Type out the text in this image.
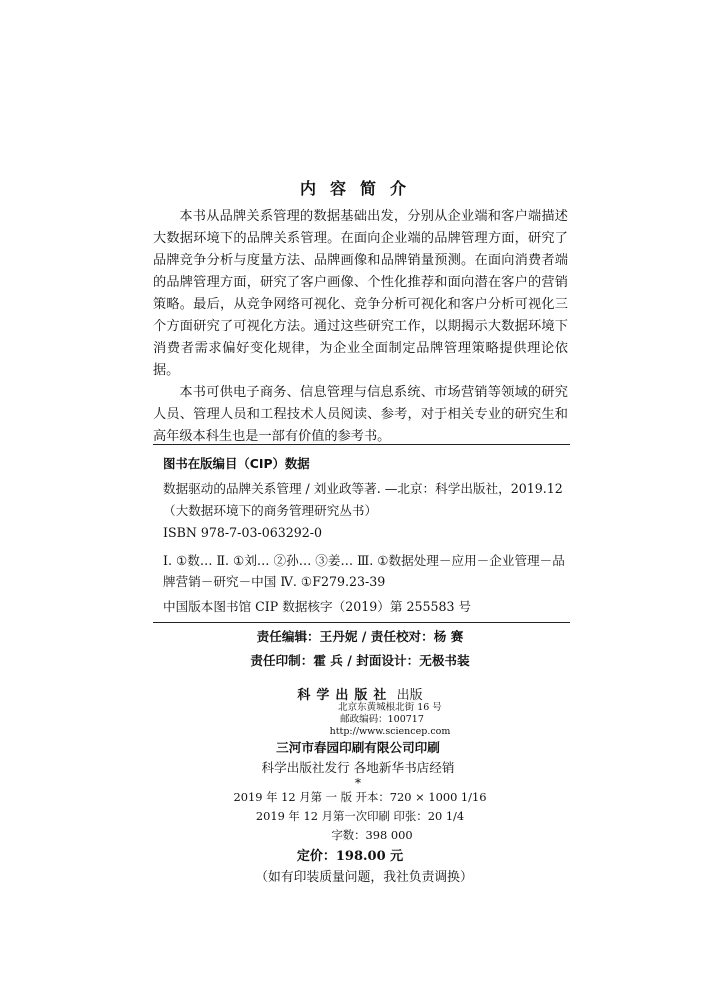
内容简介

本书从品牌关系管理的数据基础出发，分别从企业端和客户端描述大数据环境下的品牌关系管理。在面向企业端的品牌管理方面，研究了品牌竞争分析与度量方法、品牌画像和品牌销量预测。在面向消费者端的品牌管理方面，研究了客户画像、个性化推荐和面向潜在客户的营销策略。最后，从竞争网络可视化、竞争分析可视化和客户分析可视化三个方面研究了可视化方法。通过这些研究工作，以期揭示大数据环境下消费者需求偏好变化规律，为企业全面制定品牌管理策略提供理论依据。

本书可供电子商务、信息管理与信息系统、市场营销等领域的研究人员、管理人员和工程技术人员阅读、参考，对于相关专业的研究生和高年级本科生也是一部有价值的参考书。

图书在版编目（CIP）数据
数据驱动的品牌关系管理 / 刘业政等著. —北京：科学出版社，2019.12
（大数据环境下的商务管理研究丛书）
ISBN 978-7-03-063292-0
Ⅰ. ①数… Ⅱ. ①刘… ②孙… ③姜… Ⅲ. ①数据处理－应用－企业管理－品牌营销－研究－中国 Ⅳ. ①F279.23-39
中国版本图书馆 CIP 数据核字（2019）第 255583 号
责任编辑：王丹妮 / 责任校对：杨 赛
责任印制：霍 兵 / 封面设计：无极书装
科学出版社 出版
北京东黄城根北街 16 号
邮政编码：100717
http://www.sciencep.com
三河市春园印刷有限公司印刷
科学出版社发行 各地新华书店经销
*
2019 年 12 月第 一 版 开本：720 × 1000 1/16
2019 年 12 月第一次印刷 印张：20 1/4
字数：398 000
定价：198.00 元
（如有印装质量问题，我社负责调换）
